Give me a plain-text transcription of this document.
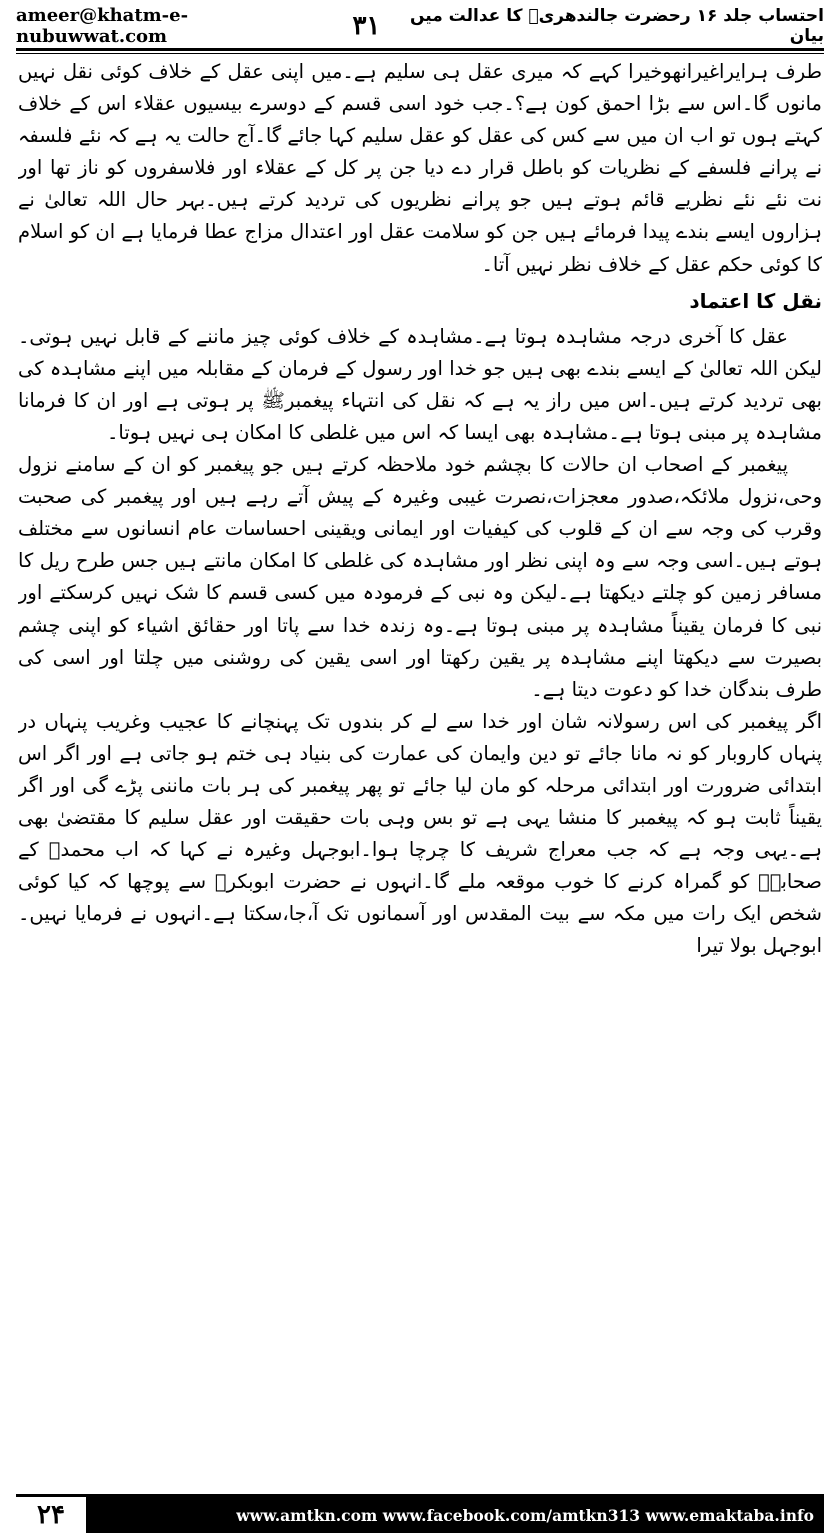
ameer@khatm-e-nubuwwat.com	۳۱	احتساب جلد ۱۶ رحضرت جالندھریؒ کا عدالت میں بیان

طرف ہرایراغیرانھوخیرا کہے کہ میری عقل ہی سلیم ہے۔میں اپنی عقل کے خلاف کوئی نقل نہیں مانوں گا۔اس سے بڑا احمق کون ہے؟۔جب خود اسی قسم کے دوسرے بیسیوں عقلاء اس کے خلاف کہتے ہوں تو اب ان میں سے کس کی عقل کو عقل سلیم کہا جائے گا۔آج حالت یہ ہے کہ نئے فلسفہ نے پرانے فلسفے کے نظریات کو باطل قرار دے دیا جن پر کل کے عقلاء اور فلاسفروں کو ناز تھا اور نت نئے نئے نظریے قائم ہوتے ہیں جو پرانے نظریوں کی تردید کرتے ہیں۔بہر حال اللہ تعالیٰ نے ہزاروں ایسے بندے پیدا فرمائے ہیں جن کو سلامت عقل اور اعتدال مزاج عطا فرمایا ہے ان کو اسلام کا کوئی حکم عقل کے خلاف نظر نہیں آتا۔

نقل کا اعتماد

عقل کا آخری درجہ مشاہدہ ہوتا ہے۔مشاہدہ کے خلاف کوئی چیز ماننے کے قابل نہیں ہوتی۔لیکن اللہ تعالیٰ کے ایسے بندے بھی ہیں جو خدا اور رسول کے فرمان کے مقابلہ میں اپنے مشاہدہ کی بھی تردید کرتے ہیں۔اس میں راز یہ ہے کہ نقل کی انتہاء پیغمبرﷺ پر ہوتی ہے اور ان کا فرمانا مشاہدہ پر مبنی ہوتا ہے۔مشاہدہ بھی ایسا کہ اس میں غلطی کا امکان ہی نہیں ہوتا۔

پیغمبر کے اصحاب ان حالات کا بچشم خود ملاحظہ کرتے ہیں جو پیغمبر کو ان کے سامنے نزول وحی،نزول ملائکہ،صدور معجزات،نصرت غیبی وغیرہ کے پیش آتے رہے ہیں اور پیغمبر کی صحبت وقرب کی وجہ سے ان کے قلوب کی کیفیات اور ایمانی ویقینی احساسات عام انسانوں سے مختلف ہوتے ہیں۔اسی وجہ سے وہ اپنی نظر اور مشاہدہ کی غلطی کا امکان مانتے ہیں جس طرح ریل کا مسافر زمین کو چلتے دیکھتا ہے۔لیکن وہ نبی کے فرمودہ میں کسی قسم کا شک نہیں کرسکتے اور نبی کا فرمان یقیناً مشاہدہ پر مبنی ہوتا ہے۔وہ زندہ خدا سے پاتا اور حقائق اشیاء کو اپنی چشم بصیرت سے دیکھتا اپنے مشاہدہ پر یقین رکھتا اور اسی یقین کی روشنی میں چلتا اور اسی کی طرف بندگان خدا کو دعوت دیتا ہے۔

اگر پیغمبر کی اس رسولانہ شان اور خدا سے لے کر بندوں تک پہنچانے کا عجیب وغریب پنہاں در پنہاں کاروبار کو نہ مانا جائے تو دین وایمان کی عمارت کی بنیاد ہی ختم ہو جاتی ہے اور اگر اس ابتدائی ضرورت اور ابتدائی مرحلہ کو مان لیا جائے تو پھر پیغمبر کی ہر بات ماننی پڑے گی اور اگر یقیناً ثابت ہو کہ پیغمبر کا منشا یہی ہے تو بس وہی بات حقیقت اور عقل سلیم کا مقتضیٰ بھی ہے۔یہی وجہ ہے کہ جب معراج شریف کا چرچا ہوا۔ابوجہل وغیرہ نے کہا کہ اب محمدﷺ کے صحابہؓ کو گمراہ کرنے کا خوب موقعہ ملے گا۔انہوں نے حضرت ابوبکرؓ سے پوچھا کہ کیا کوئی شخص ایک رات میں مکہ سے بیت المقدس اور آسمانوں تک آ،جا،سکتا ہے۔انہوں نے فرمایا نہیں۔ابوجہل بولا تیرا

۲۴	www.amtkn.com www.facebook.com/amtkn313 www.emaktaba.info
